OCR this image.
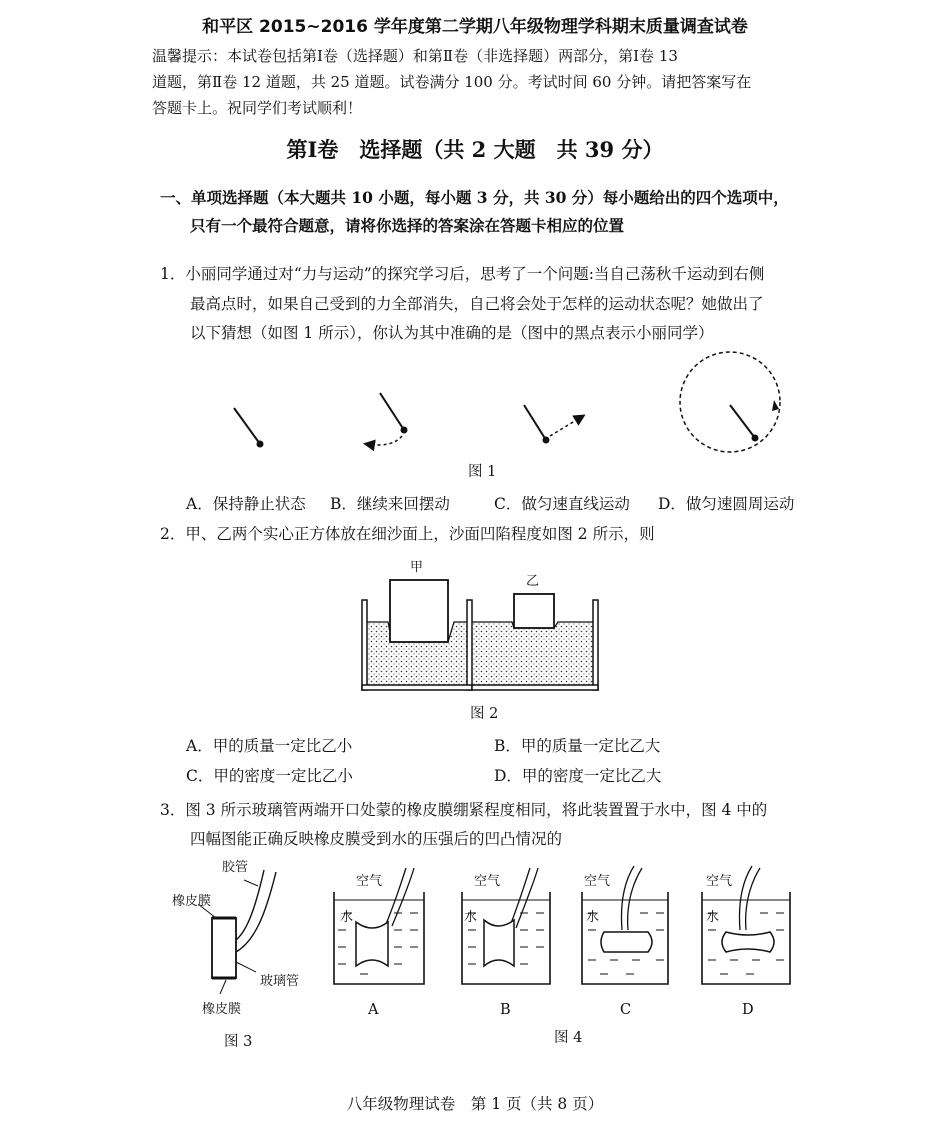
和平区 2015~2016 学年度第二学期八年级物理学科期末质量调查试卷
温馨提示：本试卷包括第Ⅰ卷（选择题）和第Ⅱ卷（非选择题）两部分，第Ⅰ卷 13
道题，第Ⅱ卷 12 道题，共 25 道题。试卷满分 100 分。考试时间 60 分钟。请把答案写在
答题卡上。祝同学们考试顺利！
第Ⅰ卷　选择题（共 2 大题　共 39 分）
一、单项选择题（本大题共 10 小题，每小题 3 分，共 30 分）每小题给出的四个选项中，
只有一个最符合题意，请将你选择的答案涂在答题卡相应的位置
1．小丽同学通过对“力与运动”的探究学习后，思考了一个问题:当自己荡秋千运动到右侧
最高点时，如果自己受到的力全部消失，自己将会处于怎样的运动状态呢？她做出了
以下猜想（如图 1 所示），你认为其中准确的是（图中的黑点表示小丽同学）
图 1
A．保持静止状态 B．继续来回摆动	C．做匀速直线运动 D．做匀速圆周运动
2．甲、乙两个实心正方体放在细沙面上，沙面凹陷程度如图 2 所示，则
甲
乙
图 2
A．甲的质量一定比乙小	B．甲的质量一定比乙大
C．甲的密度一定比乙小	D．甲的密度一定比乙大
3．图 3 所示玻璃管两端开口处蒙的橡皮膜绷紧程度相同，将此装置置于水中，图 4 中的
四幅图能正确反映橡皮膜受到水的压强后的凹凸情况的
胶管
橡皮膜
玻璃管
橡皮膜
图 3
空气
水
空气
水
空气
水
空气
水
A	B	C	D
图 4
八年级物理试卷　第 1 页（共 8 页）
